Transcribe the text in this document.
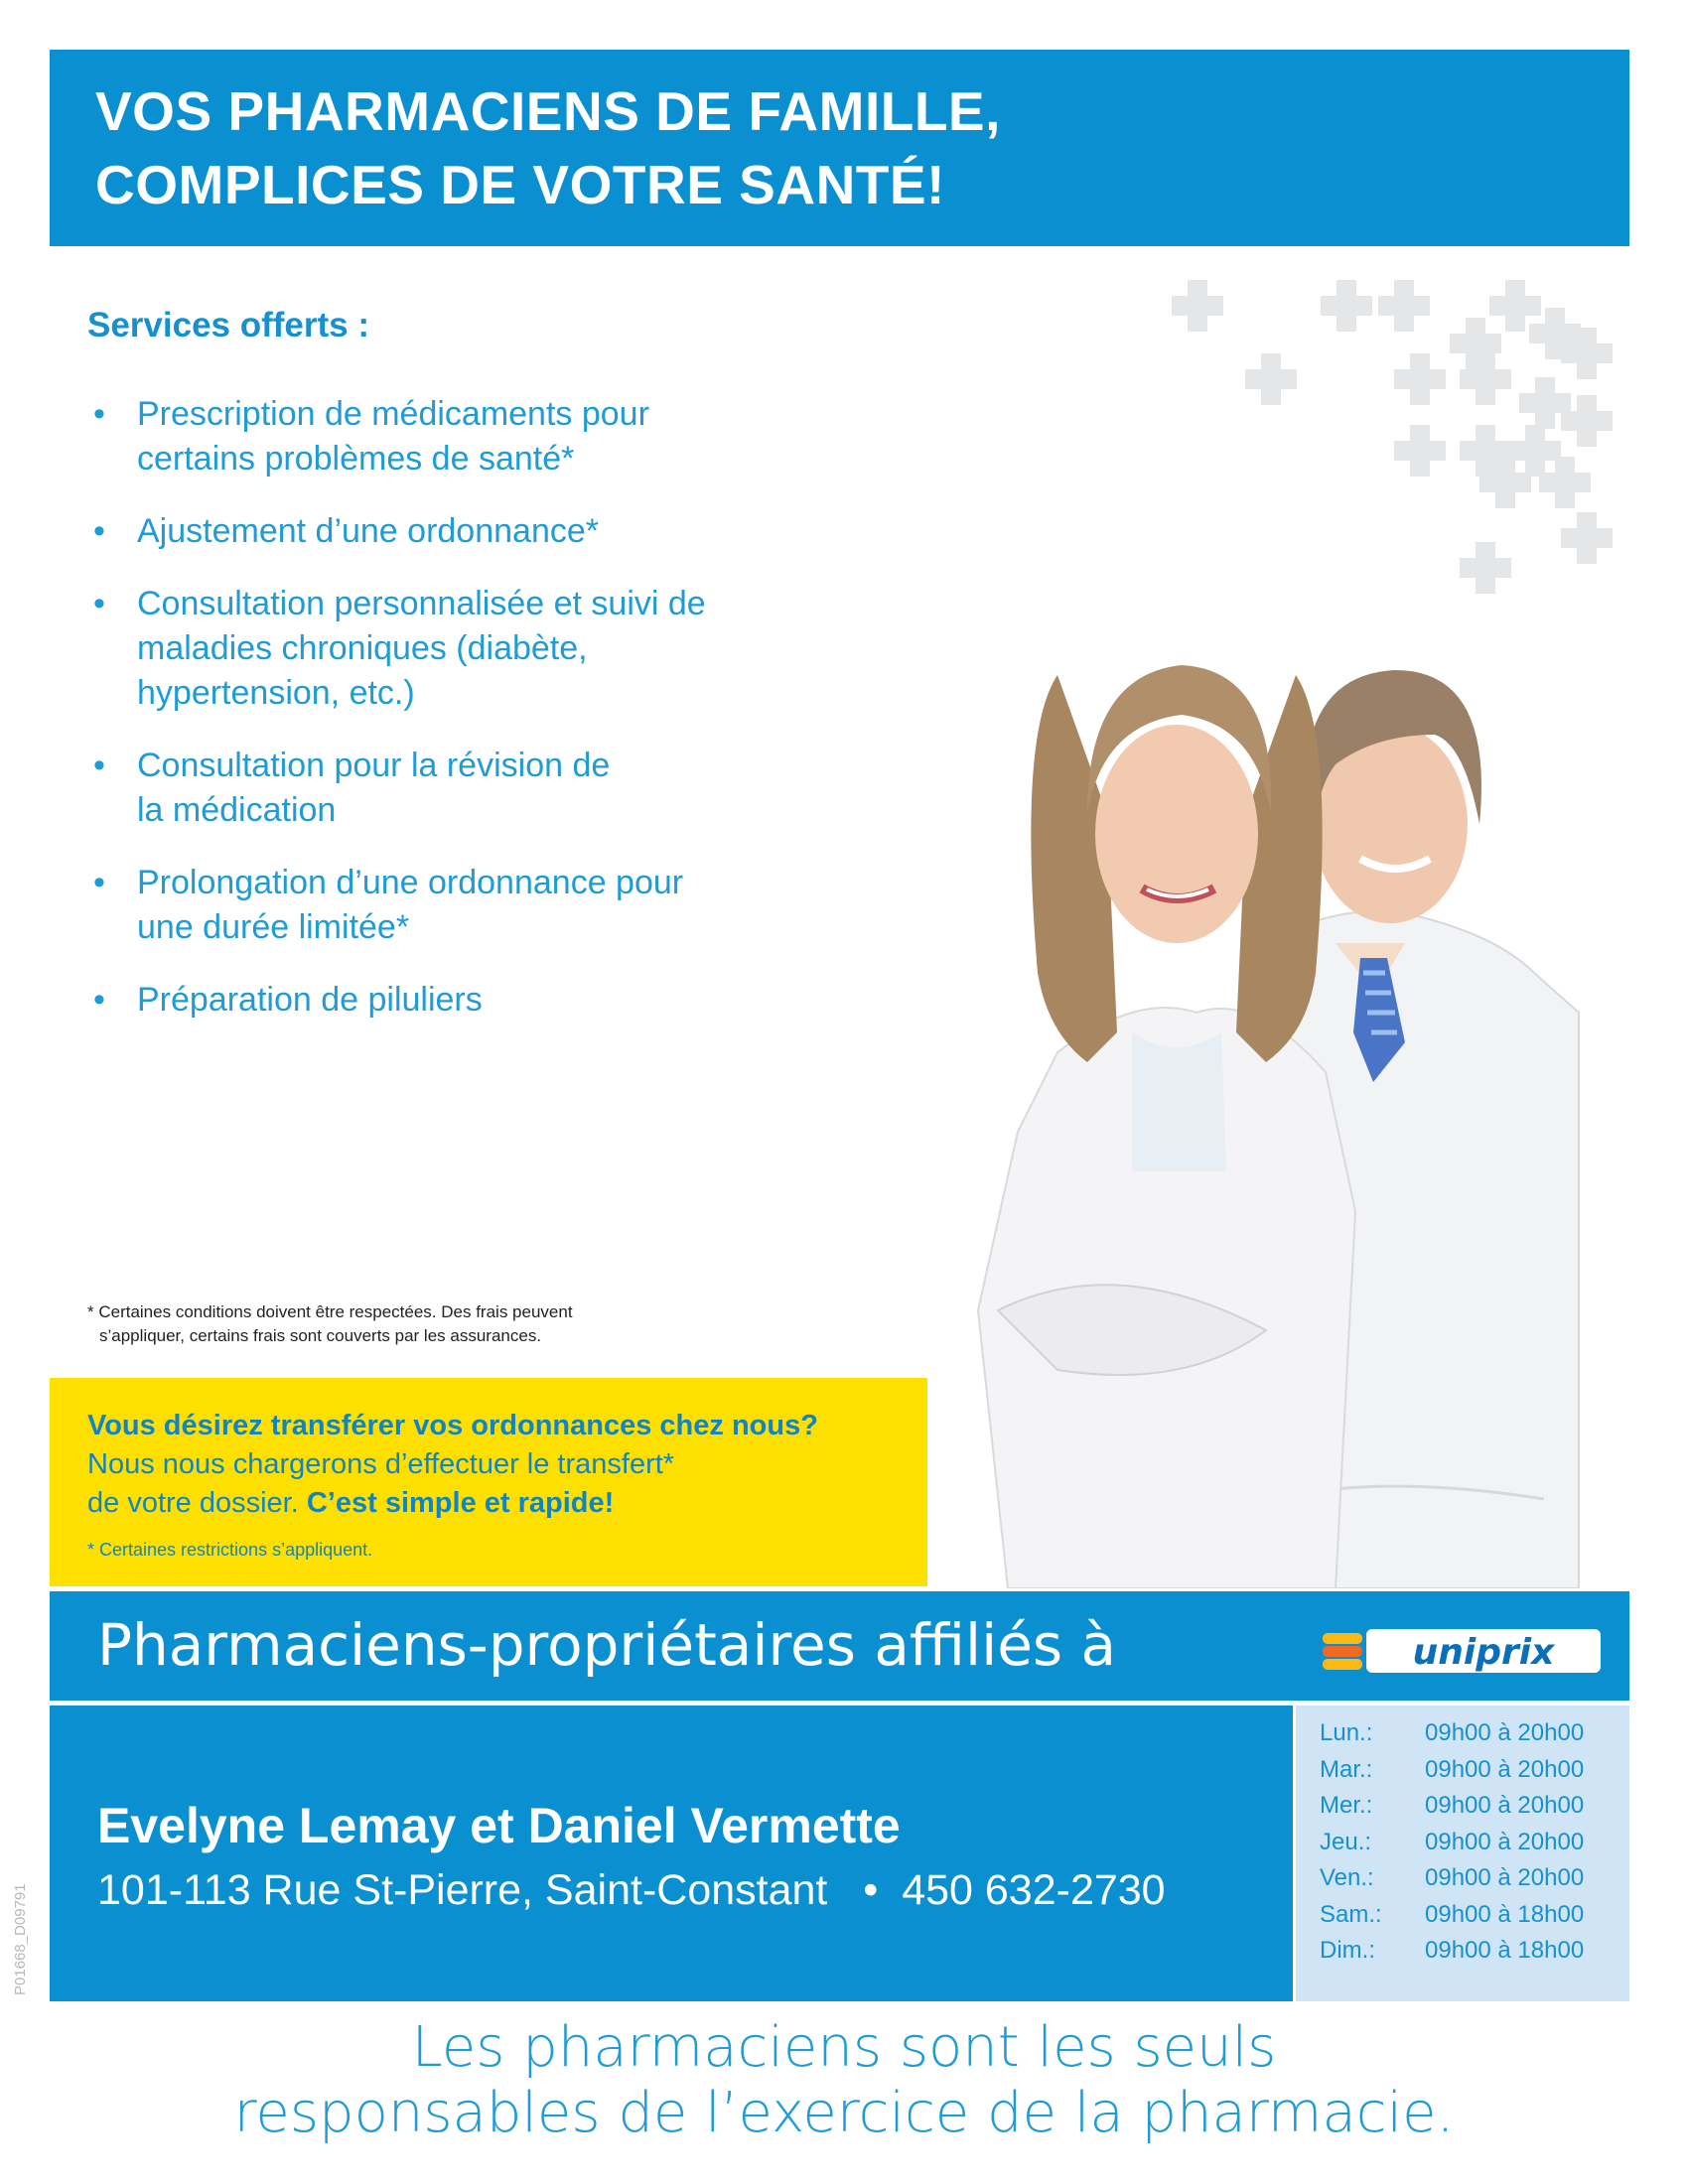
VOS PHARMACIENS DE FAMILLE,
COMPLICES DE VOTRE SANTÉ!
Services offerts :
• Prescription de médicaments pour
certains problèmes de santé*
• Ajustement d’une ordonnance*
• Consultation personnalisée et suivi de
maladies chroniques (diabète,
hypertension, etc.)
• Consultation pour la révision de
la médication
• Prolongation d’une ordonnance pour
une durée limitée*
• Préparation de piluliers
* Certaines conditions doivent être respectées. Des frais peuvent
s’appliquer, certains frais sont couverts par les assurances.
Vous désirez transférer vos ordonnances chez nous?
Nous nous chargerons d’effectuer le transfert*
de votre dossier. C’est simple et rapide!
* Certaines restrictions s’appliquent.
Pharmaciens-propriétaires affiliés à	uniprix
Evelyne Lemay et Daniel Vermette
101-113 Rue St-Pierre, Saint-Constant   •  450 632-2730
Lun.:	09h00 à 20h00
Mar.:	09h00 à 20h00
Mer.:	09h00 à 20h00
Jeu.:	09h00 à 20h00
Ven.:	09h00 à 20h00
Sam.:	09h00 à 18h00
Dim.:	09h00 à 18h00
P01668_D09791
Les pharmaciens sont les seuls
responsables de l’exercice de la pharmacie.
